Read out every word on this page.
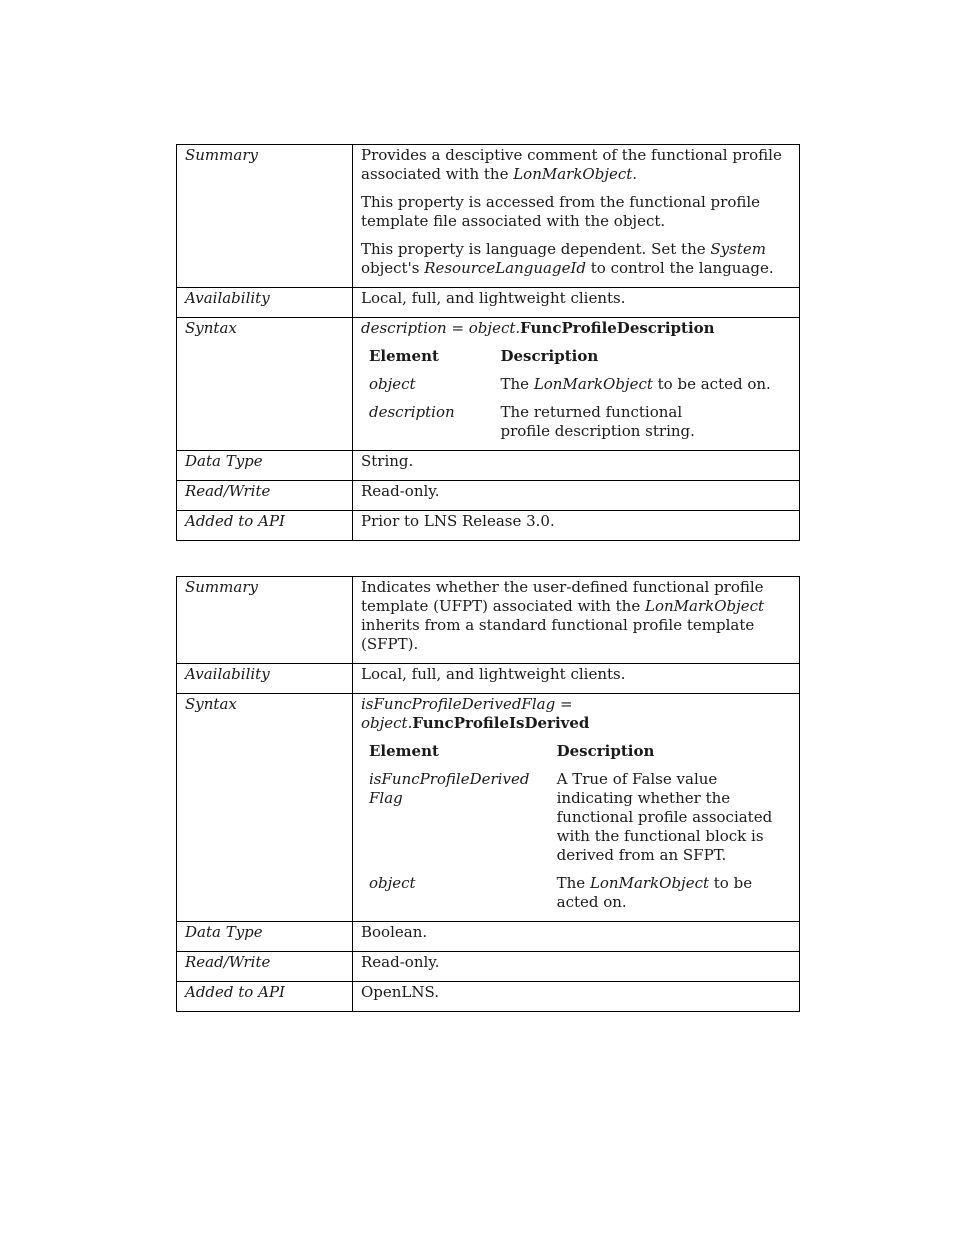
Summary	Provides a desciptive comment of the functional profile associated with the LonMarkObject.

This property is accessed from the functional profile template file associated with the object.

This property is language dependent. Set the System object's ResourceLanguageId to control the language.

Availability	Local, full, and lightweight clients.
Syntax	description = object.FuncProfileDescription
Element	Description
object	The LonMarkObject to be acted on.
description	The returned functional profile description string.

Data Type	String.
Read/Write	Read-only.
Added to API	Prior to LNS Release 3.0.
Summary	Indicates whether the user-defined functional profile template (UFPT) associated with the LonMarkObject inherits from a standard functional profile template (SFPT).

Availability	Local, full, and lightweight clients.
Syntax	isFuncProfileDerivedFlag = object.FuncProfileIsDerived
Element	Description
isFuncProfileDerivedFlag	A True of False value indicating whether the functional profile associated with the functional block is derived from an SFPT.
object	The LonMarkObject to be acted on.

Data Type	Boolean.
Read/Write	Read-only.
Added to API	OpenLNS.
